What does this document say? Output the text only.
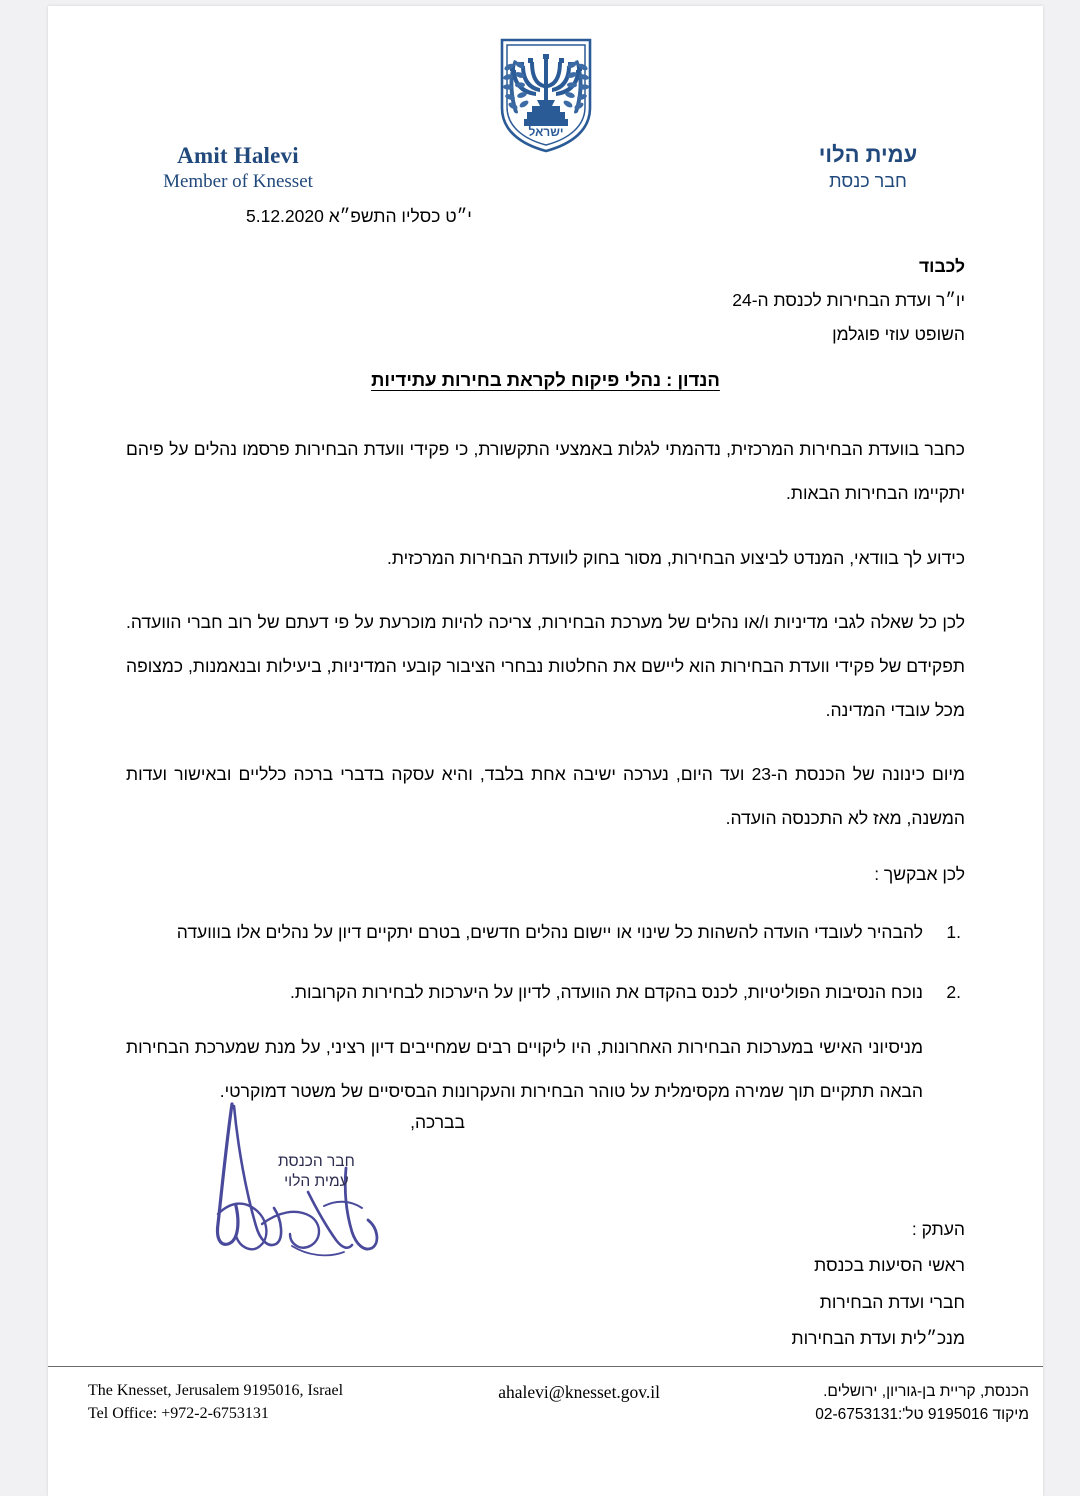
ישראל
Amit Halevi
Member of Knesset
עמית הלוי
חבר כנסת
י״ט כסליו התשפ״א 5.12.2020
לכבוד
יו״ר ועדת הבחירות לכנסת ה-24
השופט עוזי פוגלמן
הנדון : נהלי פיקוח לקראת בחירות עתידיות
כחבר בוועדת הבחירות המרכזית, נדהמתי לגלות באמצעי התקשורת, כי פקידי וועדת הבחירות פרסמו נהלים על פיהם יתקיימו הבחירות הבאות.
כידוע לך בוודאי, המנדט לביצוע הבחירות, מסור בחוק לוועדת הבחירות המרכזית.
לכן כל שאלה לגבי מדיניות ו/או נהלים של מערכת הבחירות, צריכה להיות מוכרעת על פי דעתם של רוב חברי הוועדה. תפקידם של פקידי וועדת הבחירות הוא ליישם את החלטות נבחרי הציבור קובעי המדיניות, ביעילות ובנאמנות, כמצופה מכל עובדי המדינה.
מיום כינונה של הכנסת ה-23 ועד היום, נערכה ישיבה אחת בלבד, והיא עסקה בדברי ברכה כלליים ובאישור ועדות המשנה, מאז לא התכנסה הועדה.
לכן אבקשך :
להבהיר לעובדי הועדה להשהות כל שינוי או יישום נהלים חדשים, בטרם יתקיים דיון על נהלים אלו בווועדה
נוכח הנסיבות הפוליטיות, לכנס בהקדם את הוועדה, לדיון על היערכות לבחירות הקרובות.
מניסיוני האישי במערכות הבחירות האחרונות, היו ליקויים רבים שמחייבים דיון רציני, על מנת שמערכת הבחירות הבאה תתקיים תוך שמירה מקסימלית על טוהר הבחירות והעקרונות הבסיסיים של משטר דמוקרטי.
בברכה,
חבר הכנסת
עמית הלוי
העתק :
ראשי הסיעות בכנסת
חברי ועדת הבחירות
מנכ״לית ועדת הבחירות
The Knesset, Jerusalem 9195016, Israel
Tel Office: +972-2-6753131
ahalevi@knesset.gov.il	הכנסת, קריית בן-גוריון, ירושלים.
מיקוד 9195016 טל':02-6753131
